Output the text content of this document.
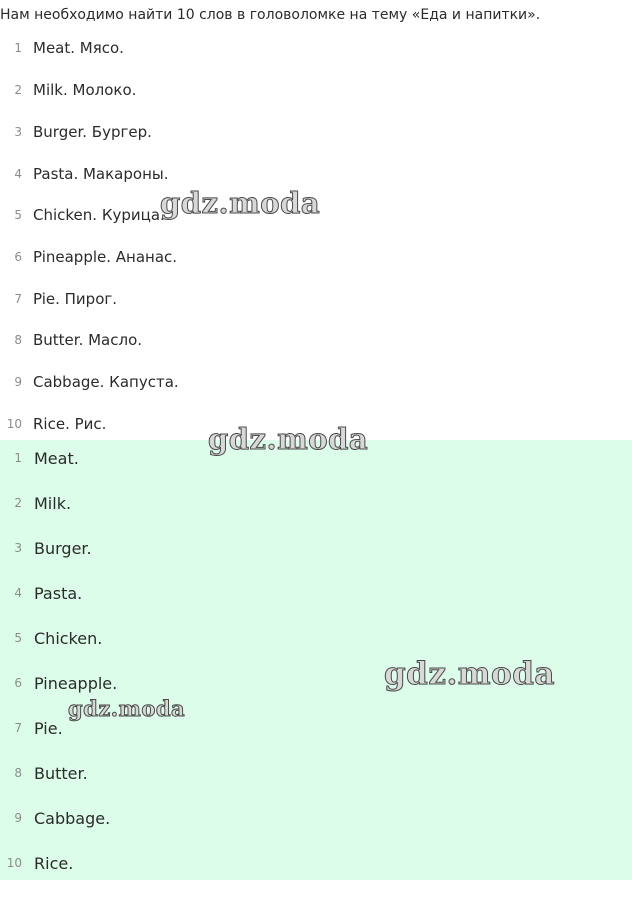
Нам необходимо найти 10 слов в головоломке на тему «Еда и напитки».
1 Meat. Мясо.
2 Milk. Молоко.
3 Burger. Бургер.
4 Pasta. Макароны.
5 Chicken. Курица.
6 Pineapple. Ананас.
7 Pie. Пирог.
8 Butter. Масло.
9 Cabbage. Капуста.
10 Rice. Рис.
1 Meat.
2 Milk.
3 Burger.
4 Pasta.
5 Chicken.
6 Pineapple.
7 Pie.
8 Butter.
9 Cabbage.
10 Rice.
gdz.moda
gdz.moda
gdz.moda
gdz.moda
